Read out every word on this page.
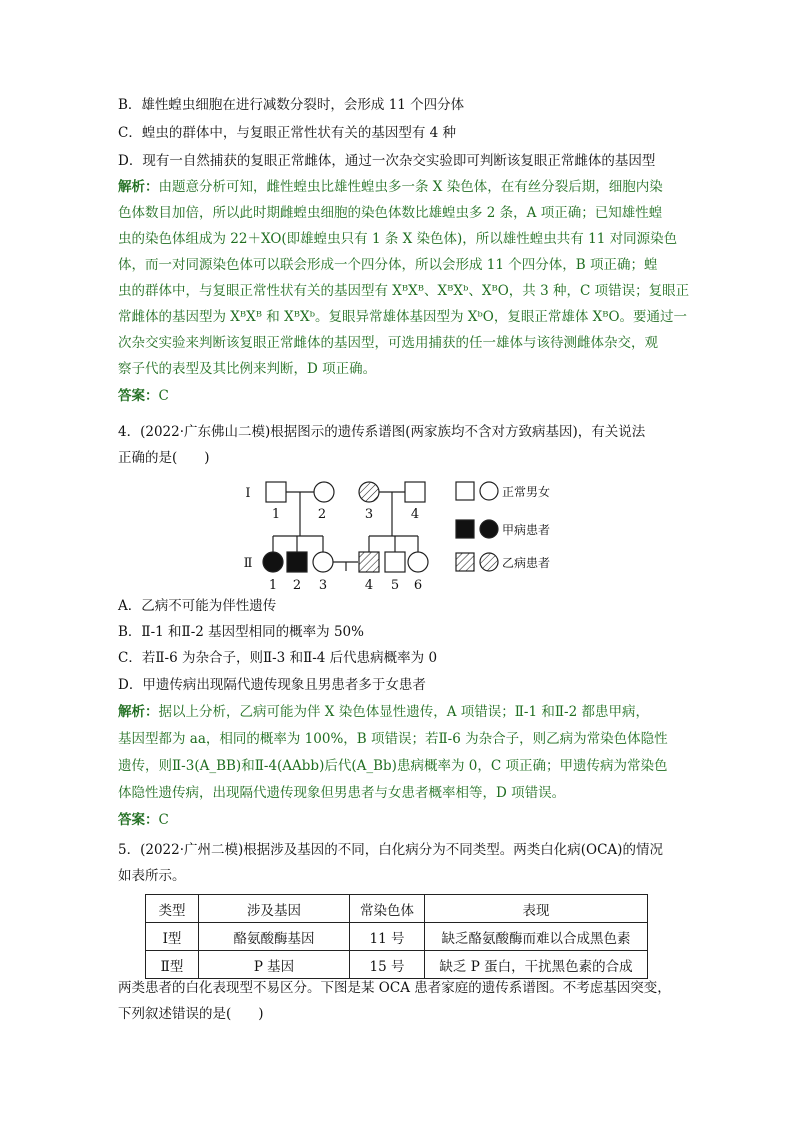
B．雄性蝗虫细胞在进行减数分裂时，会形成 11 个四分体
C．蝗虫的群体中，与复眼正常性状有关的基因型有 4 种
D．现有一自然捕获的复眼正常雌体，通过一次杂交实验即可判断该复眼正常雌体的基因型
解析：由题意分析可知，雌性蝗虫比雄性蝗虫多一条 X 染色体，在有丝分裂后期，细胞内染
色体数目加倍，所以此时期雌蝗虫细胞的染色体数比雄蝗虫多 2 条，A 项正确；已知雄性蝗
虫的染色体组成为 22＋XO(即雄蝗虫只有 1 条 X 染色体)，所以雄性蝗虫共有 11 对同源染色
体，而一对同源染色体可以联会形成一个四分体，所以会形成 11 个四分体，B 项正确；蝗
虫的群体中，与复眼正常性状有关的基因型有 XᴮXᴮ、XᴮXᵇ、XᴮO，共 3 种，C 项错误；复眼正
常雌体的基因型为 XᴮXᴮ 和 XᴮXᵇ。复眼异常雄体基因型为 XᵇO，复眼正常雄体 XᴮO。要通过一
次杂交实验来判断该复眼正常雌体的基因型，可选用捕获的任一雄体与该待测雌体杂交，观
察子代的表型及其比例来判断，D 项正确。
答案：C
4．(2022·广东佛山二模)根据图示的遗传系谱图(两家族均不含对方致病基因)，有关说法
正确的是(　　)
Ⅰ
Ⅱ
1	2	3	4
1 2 3	4 5 6
正常男女
甲病患者
乙病患者
A．乙病不可能为伴性遗传
B．Ⅱ-1 和Ⅱ-2 基因型相同的概率为 50%
C．若Ⅱ-6 为杂合子，则Ⅱ-3 和Ⅱ-4 后代患病概率为 0
D．甲遗传病出现隔代遗传现象且男患者多于女患者
解析：据以上分析，乙病可能为伴 X 染色体显性遗传，A 项错误；Ⅱ-1 和Ⅱ-2 都患甲病，
基因型都为 aa，相同的概率为 100%，B 项错误；若Ⅱ-6 为杂合子，则乙病为常染色体隐性
遗传，则Ⅱ-3(A_BB)和Ⅱ-4(AAbb)后代(A_Bb)患病概率为 0，C 项正确；甲遗传病为常染色
体隐性遗传病，出现隔代遗传现象但男患者与女患者概率相等，D 项错误。
答案：C
5．(2022·广州二模)根据涉及基因的不同，白化病分为不同类型。两类白化病(OCA)的情况
如表所示。
类型	涉及基因	常染色体	表现
Ⅰ型	酪氨酸酶基因	11 号	缺乏酪氨酸酶而难以合成黑色素
Ⅱ型	P 基因	15 号	缺乏 P 蛋白，干扰黑色素的合成
两类患者的白化表现型不易区分。下图是某 OCA 患者家庭的遗传系谱图。不考虑基因突变，
下列叙述错误的是(　　)
